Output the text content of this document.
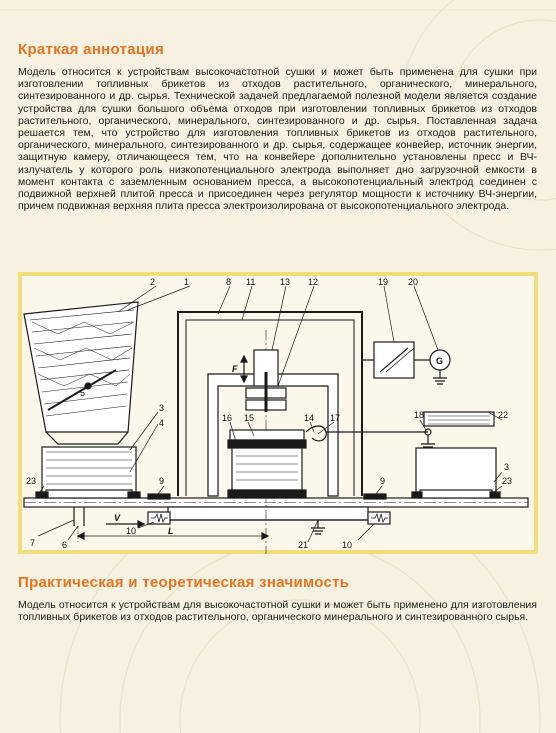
Краткая аннотация

Модель относится к устройствам высокочастотной сушки и может быть применена для сушки при изготовлении топливных брикетов из отходов растительного, органического, минерального, синтезированного и др. сырья. Технической задачей предлагаемой полезной модели является создание устройства для сушки большого объема отходов при изготовлении топливных брикетов из отходов растительного, органического, минерального, синтезированного и др. сырья. Поставленная задача решается тем, что устройство для изготовления топливных брикетов из отходов растительного, органического, минерального, синтезированного и др. сырья, содержащее конвейер, источник энергии, защитную камеру, отличающееся тем, что на конвейере дополнительно установлены пресс и ВЧ-излучатель у которого роль низкопотенциального электрода выполняет дно загрузочной емкости в момент контакта с заземленным основанием пресса, а высокопотенциальный электрод соединен с подвижной верхней плитой пресса и присоединен через регулятор мощности к источнику ВЧ-энергии, причем подвижная верхняя плита пресса электроизолирована от высокопотенциального электрода.

1
2
3
4	15
16	14 17
8 11	13 12	19 20
18	22
3
23
23	9	9
7	6
10
10
21
5
F
V
L
G
Практическая и теоретическая значимость

Модель относится к устройствам для высокочастотной сушки и может быть применено для изготовления топливных брикетов из отходов растительного, органического минерального и синтезированного сырья.
